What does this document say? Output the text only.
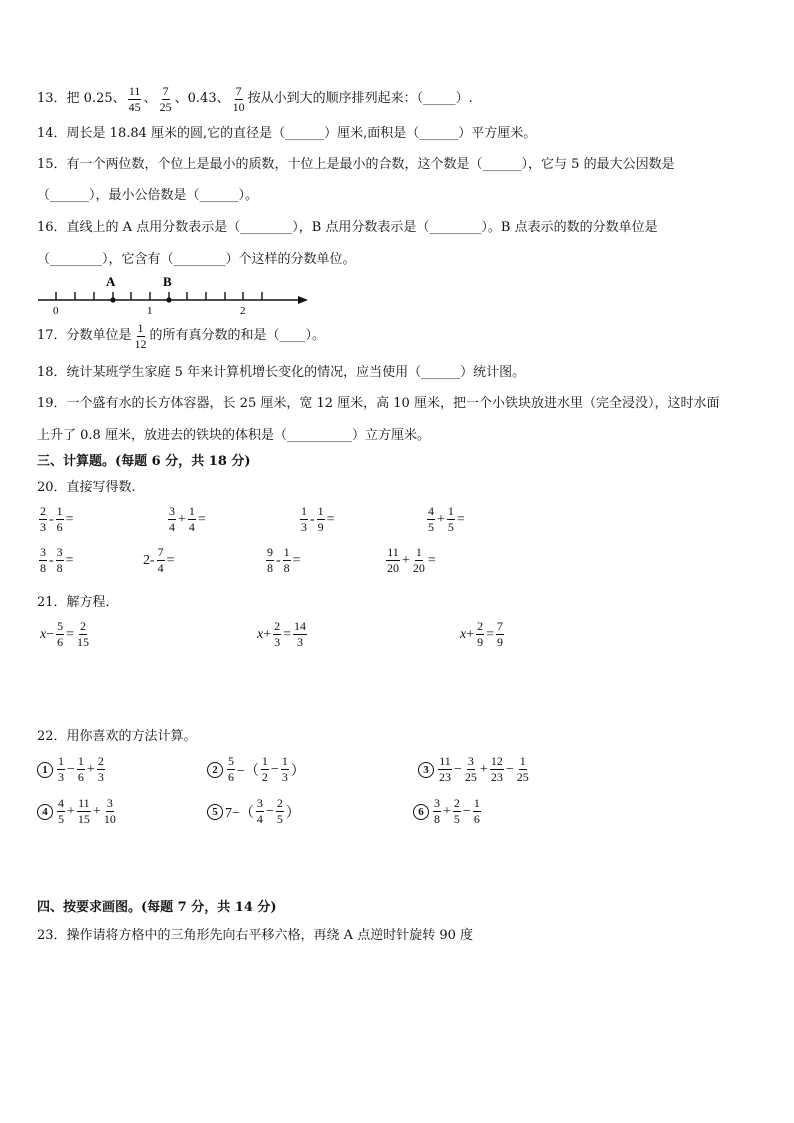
13．把 0.25、 $\frac{11}{45}$ 、 $\frac{7}{25}$ 、0.43、 $\frac{7}{10}$ 按从小到大的顺序排列起来：（_____）.
14．周长是 18.84 厘米的圆,它的直径是（______）厘米,面积是（______）平方厘米。
15．有一个两位数，个位上是最小的质数，十位上是最小的合数，这个数是（______），它与 5 的最大公因数是
（______），最小公倍数是（______）。
16．直线上的 A 点用分数表示是（________），B 点用分数表示是（________）。B 点表示的数的分数单位是
（________），它含有（________）个这样的分数单位。
A	B
0	1	2
17．分数单位是 $\frac{1}{12}$ 的所有真分数的和是（____）。
18．统计某班学生家庭 5 年来计算机增长变化的情况，应当使用（______）统计图。
19．一个盛有水的长方体容器，长 25 厘米，宽 12 厘米，高 10 厘米，把一个小铁块放进水里（完全浸没），这时水面
上升了 0.8 厘米，放进去的铁块的体积是（__________）立方厘米。
三、计算题。(每题 6 分，共 18 分)
20．直接写得数.
$\frac{2}{3} - \frac{1}{6}$ =	$\frac{3}{4} + \frac{1}{4}$ =	$\frac{1}{3} - \frac{1}{9}$ =	$\frac{4}{5} + \frac{1}{5}$ =
$\frac{3}{8} - \frac{3}{8}$ =	$2- \frac{7}{4}$ =	$\frac{9}{8} - \frac{1}{8}$ =	$\frac{11}{20} + \frac{1}{20}$ =
21．解方程．
$x - \frac{5}{6} = \frac{2}{15}$	$x + \frac{2}{3} = \frac{14}{3}$	$x + \frac{2}{9} = \frac{7}{9}$
22．用你喜欢的方法计算。
$1 \frac{1}{3} - \frac{1}{6} + \frac{2}{3}$	$2 \frac{5}{6}$ −（ $\frac{1}{2} - \frac{1}{3}$ ）	$3 \frac{11}{23} - \frac{3}{25} + \frac{12}{23} - \frac{1}{25}$
$4 \frac{4}{5} + \frac{11}{15} + \frac{3}{10}$	5 $7-( \frac{3}{4} - \frac{2}{5}$ ）	$6 \frac{3}{8} + \frac{2}{5} - \frac{1}{6}$
四、按要求画图。(每题 7 分，共 14 分)
23．操作请将方格中的三角形先向右平移六格，再绕 A 点逆时针旋转 90 度
